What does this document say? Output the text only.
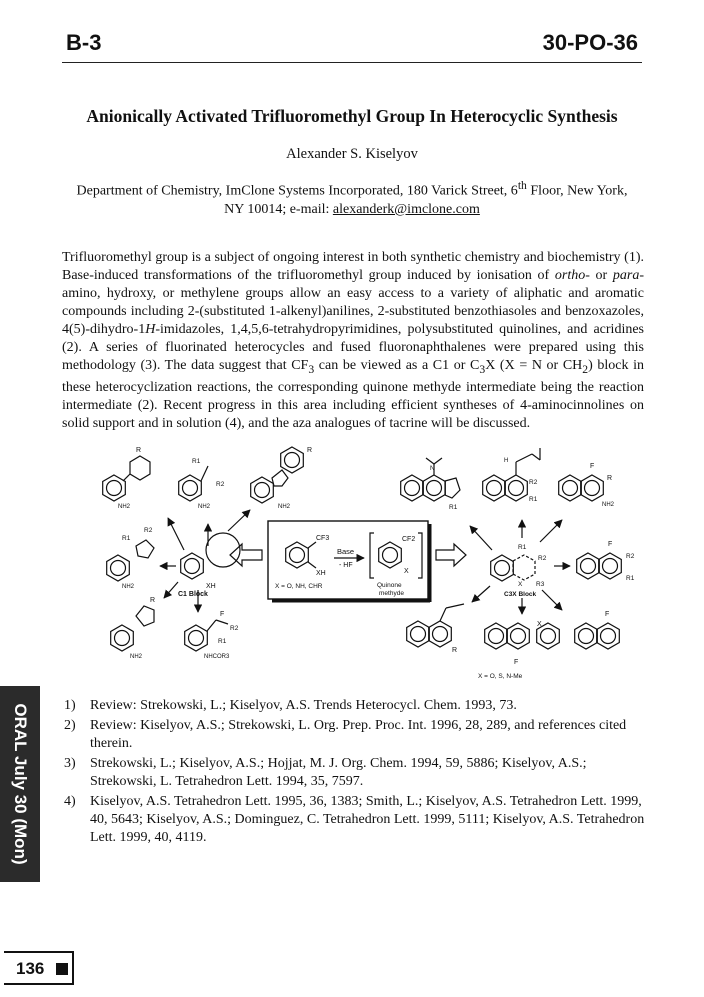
B-3	30-PO-36
Anionically Activated Trifluoromethyl Group In Heterocyclic Synthesis
Alexander S. Kiselyov
Department of Chemistry, ImClone Systems Incorporated, 180 Varick Street, 6th Floor, New York,
NY 10014; e-mail: alexanderk@imclone.com
Trifluoromethyl group is a subject of ongoing interest in both synthetic chemistry and biochemistry (1). Base-induced transformations of the trifluoromethyl group induced by ionisation of ortho- or para-amino, hydroxy, or methylene groups allow an easy access to a variety of aliphatic and aromatic compounds including 2-(substituted 1-alkenyl)anilines, 2-substituted benzothiasoles and benzoxazoles, 4(5)-dihydro-1H-imidazoles, 1,4,5,6-tetrahydropyrimidines, polysubstituted quinolines, and acridines (2). A series of fluorinated heterocycles and fused fluoronaphthalenes were prepared using this methodology (3). The data suggest that $CF_3$ can be viewed as a C1 or $C_3X$ (X = N or $CH_2$) block in these heterocyclization reactions, the corresponding quinone methyde intermediate being the reaction intermediate (2). Recent progress in this area including efficient syntheses of 4-aminocinnolines on solid support and in solution (4), and the aza analogues of tacrine will be discussed.
CF3
XH
Base
- HF
CF2
X
X = O, NH, CHR	Quinone
methyde
XH
C1 Block
R
NH2
R1
R2
NH2
R
NH2
R1
R2
NH2
R
NH2
F
R2
R1
NHCOR3
R2
R1
R3
X
C3X Block
N
R1
H
R2
R1
F
R
NH2
F
R2
R1
R
X
F
F
X = O, S, N-Me
1) Review: Strekowski, L.; Kiselyov, A.S. Trends Heterocycl. Chem. 1993, 73.
2) Review: Kiselyov, A.S.; Strekowski, L. Org. Prep. Proc. Int. 1996, 28, 289, and references cited therein.
3) Strekowski, L.; Kiselyov, A.S.; Hojjat, M. J. Org. Chem. 1994, 59, 5886; Kiselyov, A.S.; Strekowski, L. Tetrahedron Lett. 1994, 35, 7597.
4) Kiselyov, A.S. Tetrahedron Lett. 1995, 36, 1383; Smith, L.; Kiselyov, A.S. Tetrahedron Lett. 1999, 40, 5643; Kiselyov, A.S.; Dominguez, C. Tetrahedron Lett. 1999, 5111; Kiselyov, A.S. Tetrahedron Lett. 1999, 40, 4119.
ORAL July 30 (Mon)
136
